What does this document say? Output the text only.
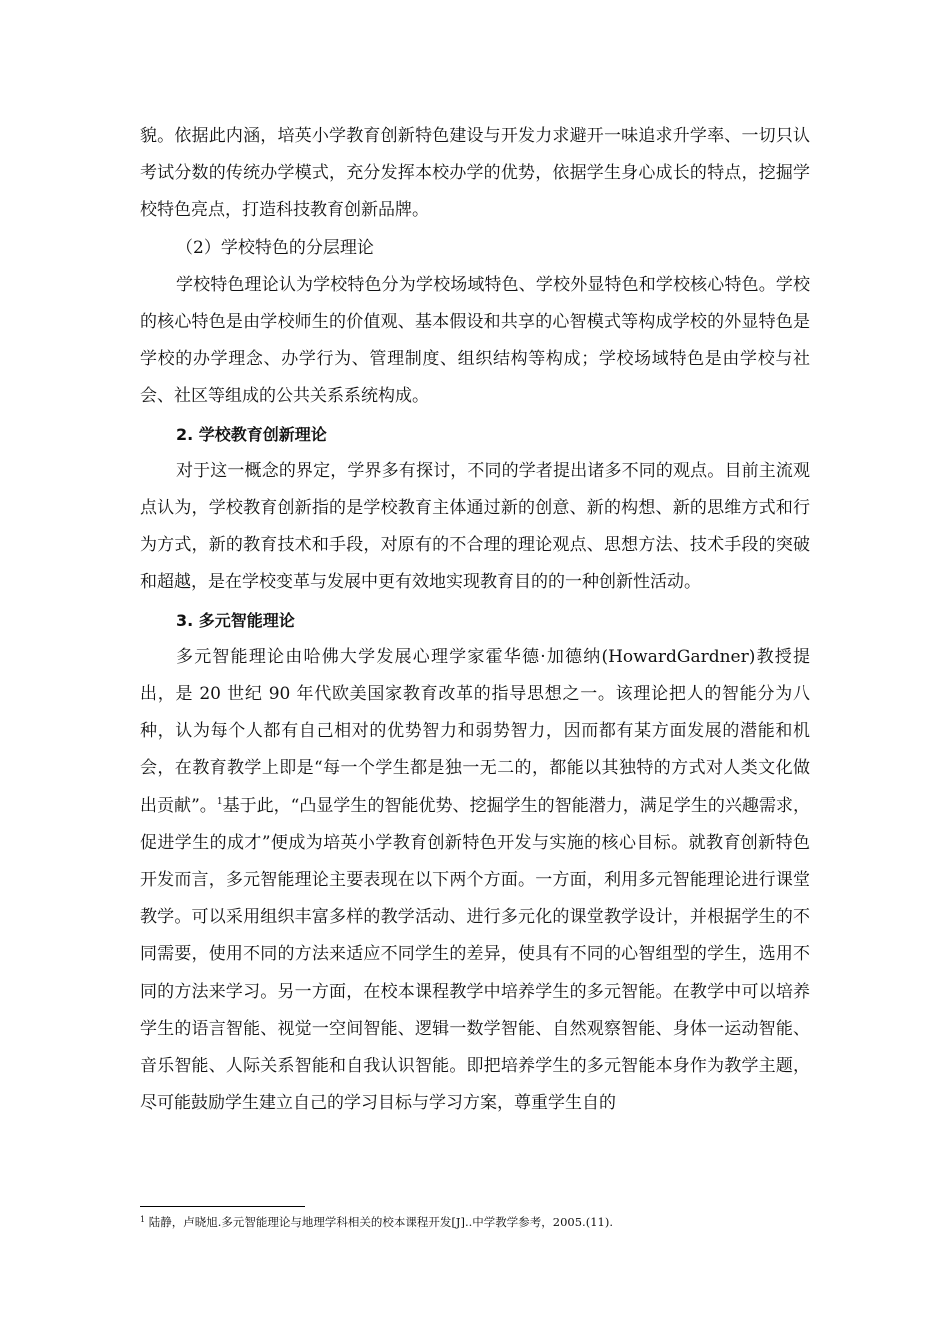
貌。依据此内涵，培英小学教育创新特色建设与开发力求避开一味追求升学率、一切只认考试分数的传统办学模式，充分发挥本校办学的优势，依据学生身心成长的特点，挖掘学校特色亮点，打造科技教育创新品牌。

（2）学校特色的分层理论

学校特色理论认为学校特色分为学校场域特色、学校外显特色和学校核心特色。学校的核心特色是由学校师生的价值观、基本假设和共享的心智模式等构成学校的外显特色是学校的办学理念、办学行为、管理制度、组织结构等构成；学校场域特色是由学校与社会、社区等组成的公共关系系统构成。

2. 学校教育创新理论

对于这一概念的界定，学界多有探讨，不同的学者提出诸多不同的观点。目前主流观点认为，学校教育创新指的是学校教育主体通过新的创意、新的构想、新的思维方式和行为方式，新的教育技术和手段，对原有的不合理的理论观点、思想方法、技术手段的突破和超越，是在学校变革与发展中更有效地实现教育目的的一种创新性活动。

3. 多元智能理论

多元智能理论由哈佛大学发展心理学家霍华德·加德纳(HowardGardner)教授提出，是 20 世纪 90 年代欧美国家教育改革的指导思想之一。该理论把人的智能分为八种，认为每个人都有自己相对的优势智力和弱势智力，因而都有某方面发展的潜能和机会，在教育教学上即是“每一个学生都是独一无二的，都能以其独特的方式对人类文化做出贡献”。$^1$基于此，“凸显学生的智能优势、挖掘学生的智能潜力，满足学生的兴趣需求，促进学生的成才”便成为培英小学教育创新特色开发与实施的核心目标。就教育创新特色开发而言，多元智能理论主要表现在以下两个方面。一方面，利用多元智能理论进行课堂教学。可以采用组织丰富多样的教学活动、进行多元化的课堂教学设计，并根据学生的不同需要，使用不同的方法来适应不同学生的差异，使具有不同的心智组型的学生，选用不同的方法来学习。另一方面，在校本课程教学中培养学生的多元智能。在教学中可以培养学生的语言智能、视觉一空间智能、逻辑一数学智能、自然观察智能、身体一运动智能、音乐智能、人际关系智能和自我认识智能。即把培养学生的多元智能本身作为教学主题，尽可能鼓励学生建立自己的学习目标与学习方案，尊重学生自的

$^1$ 陆静，卢晓旭.多元智能理论与地理学科相关的校本课程开发[J]..中学教学参考，2005.(11).
